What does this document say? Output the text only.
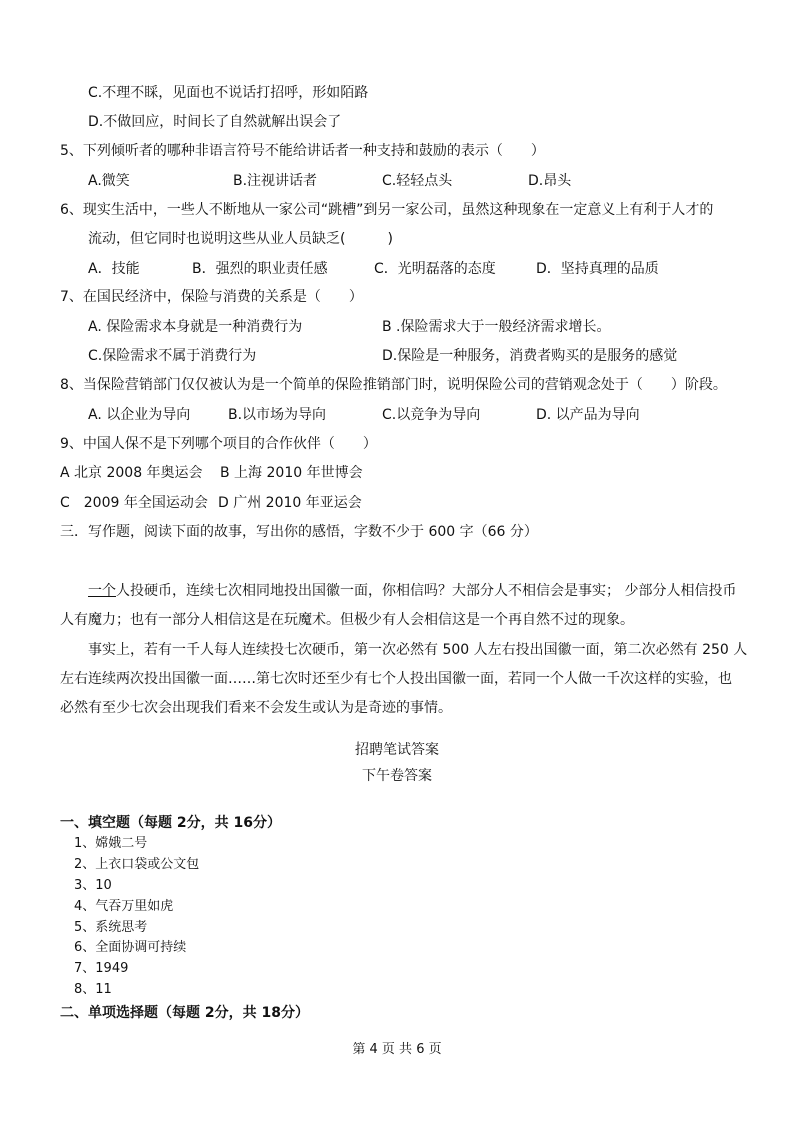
C.不理不睬，见面也不说话打招呼，形如陌路
D.不做回应，时间长了自然就解出误会了
5、下列倾听者的哪种非语言符号不能给讲话者一种支持和鼓励的表示（　　）
A.微笑	B.注视讲话者	C.轻轻点头	D.昂头
6、现实生活中，一些人不断地从一家公司“跳槽”到另一家公司，虽然这种现象在一定意义上有利于人才的
流动，但它同时也说明这些从业人员缺乏(　　　)
A．技能	B．强烈的职业责任感	C．光明磊落的态度	D．坚持真理的品质
7、在国民经济中，保险与消费的关系是（　　）
A. 保险需求本身就是一种消费行为	B .保险需求大于一般经济需求增长。
C.保险需求不属于消费行为	D.保险是一种服务，消费者购买的是服务的感觉
8、当保险营销部门仅仅被认为是一个简单的保险推销部门时，说明保险公司的营销观念处于（　　）阶段。
A. 以企业为导向	B.以市场为导向	C.以竞争为导向	D. 以产品为导向
9、中国人保不是下列哪个项目的合作伙伴（　　）
A 北京 2008 年奥运会 B 上海 2010 年世博会
C　2009 年全国运动会 D 广州 2010 年亚运会
三．写作题，阅读下面的故事，写出你的感悟，字数不少于 600 字（66 分）
一个人投硬币，连续七次相同地投出国徽一面，你相信吗？大部分人不相信会是事实； 少部分人相信投币
人有魔力；也有一部分人相信这是在玩魔术。但极少有人会相信这是一个再自然不过的现象。
事实上，若有一千人每人连续投七次硬币，第一次必然有 500 人左右投出国徽一面，第二次必然有 250 人
左右连续两次投出国徽一面……第七次时还至少有七个人投出国徽一面，若同一个人做一千次这样的实验，也
必然有至少七次会出现我们看来不会发生或认为是奇迹的事情。
招聘笔试答案
下午卷答案
一、填空题（每题 2分，共 16分）
1、嫦娥二号
2、上衣口袋或公文包
3、10
4、气吞万里如虎
5、系统思考
6、全面协调可持续
7、1949
8、11
二、单项选择题（每题 2分，共 18分）
第 4 页 共 6 页
